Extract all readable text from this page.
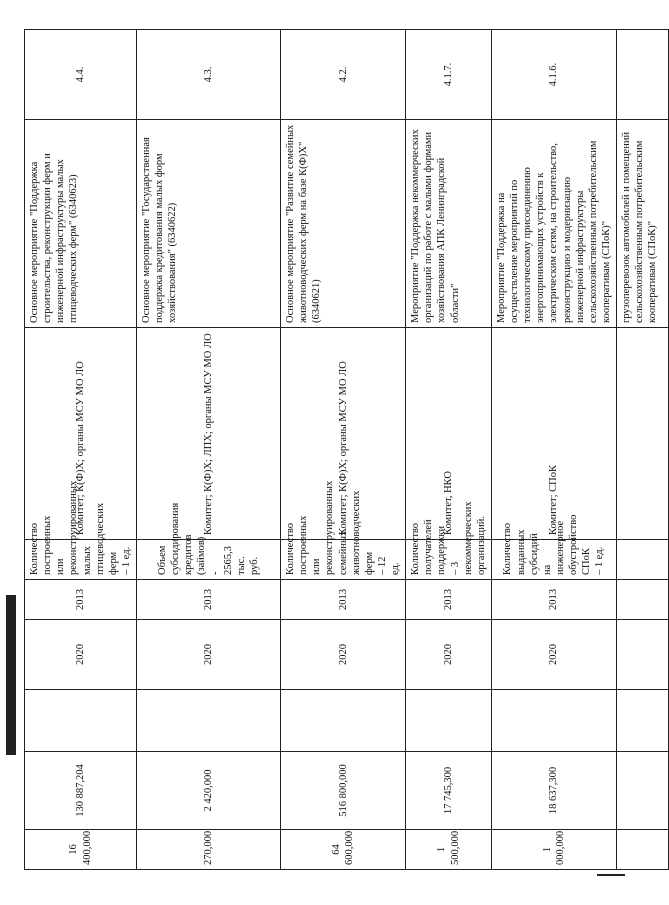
16 400,000	130 887,204		2020	2013	Количество построенных или реконструированных малых птицеводческих ферм – 1 ед.	Комитет; К(Ф)Х; органы МСУ МО ЛО	Основное мероприятие "Поддержка строительства, реконструкции ферм и инженерной инфраструктуры малых птицеводческих ферм" (6340623)	4.4.
270,000	2 420,000		2020	2013	Объем субсидирования кредитов (займов) - 2565,3 тыс. руб.	Комитет; К(Ф)Х; ЛПХ; органы МСУ МО ЛО	Основное мероприятие "Государственная поддержка кредитования малых форм хозяйствования" (6340622)	4.3.
64 600,000	516 800,000		2020	2013	Количество построенных или реконструированных семейных животноводческих ферм – 12 ед.	Комитет; К(Ф)Х; органы МСУ МО ЛО	Основное мероприятие "Развитие семейных животноводческих ферм на базе К(Ф)Х" (6340621)	4.2.
1 500,000	17 745,300		2020	2013	Количество получателей поддержки – 3 некоммерческих организаций.	Комитет, НКО	Мероприятие "Поддержка некоммерческих организаций по работе с малыми формами хозяйствования АПК Ленинградской области"	4.1.7.
1 000,000	18 637,300		2020	2013	Количество выданных субсидий на инженерное обустройство СПоК – 1 ед.	Комитет; СПоК	Мероприятие "Поддержка на осуществление мероприятий по технологическому присоединению энергопринимающих устройств к электрическим сетям, на строительство, реконструкцию и модернизацию инженерной инфраструктуры сельскохозяйственным потребительским кооперативам (СПоК)"	4.1.6.
							грузоперевозок автомобилей и помещений сельскохозяйственным потребительским кооперативам (СПоК)"	
